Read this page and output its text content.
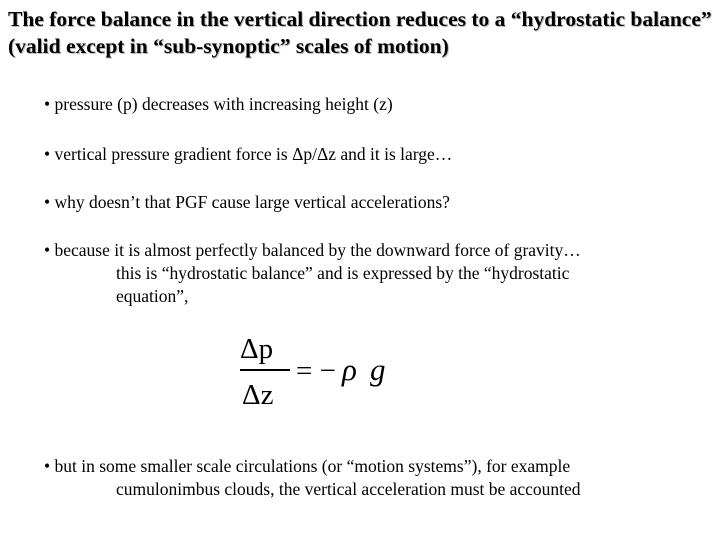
The force balance in the vertical direction reduces to a “hydrostatic balance” (valid except in “sub-synoptic” scales of motion)
• pressure (p) decreases with increasing height (z)
• vertical pressure gradient force is Δp/Δz and it is large…
• why doesn’t that PGF cause large vertical accelerations?
• because it is almost perfectly balanced by the downward force of gravity…
this is “hydrostatic balance” and is expressed by the “hydrostatic
equation”,
Δp
Δz
= − ρ g
• but in some smaller scale circulations (or “motion systems”), for example
cumulonimbus clouds, the vertical acceleration must be accounted
